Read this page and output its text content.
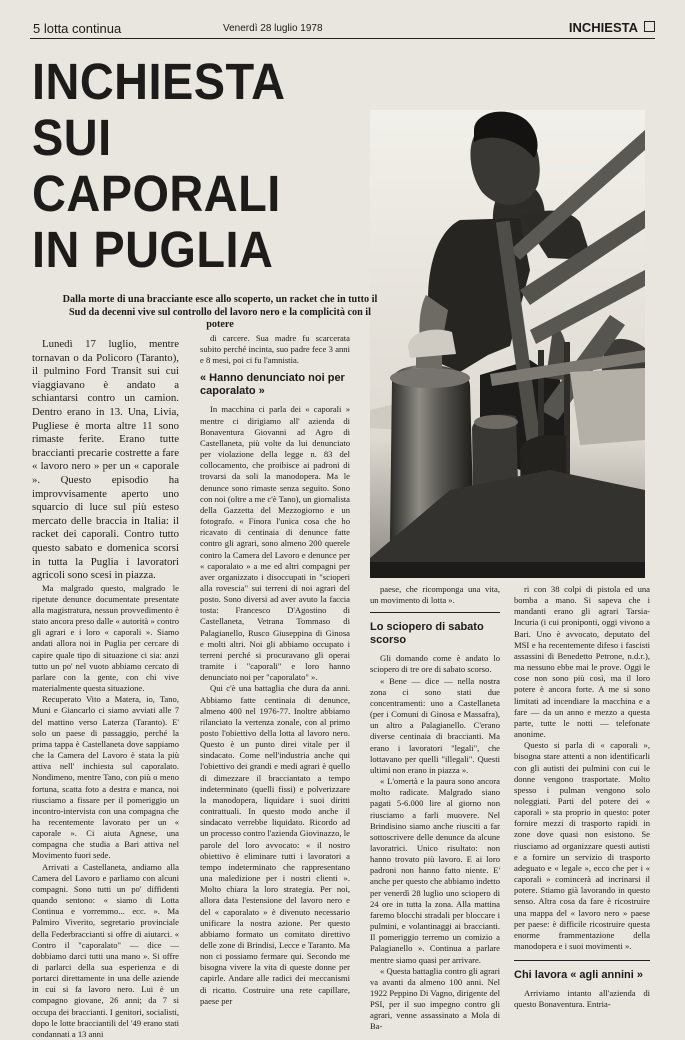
5 lotta continua	Venerdì 28 luglio 1978	INCHIESTA
INCHIESTA
SUI
CAPORALI
IN PUGLIA
Dalla morte di una bracciante esce allo scoperto, un racket che in tutto il Sud da decenni vive sul controllo del lavoro nero e la complicità con il potere

Lunedì 17 luglio, mentre tornavan o da Policoro (Taranto), il pulmino Ford Transit sui cui viaggiavano è andato a schiantarsi contro un camion. Dentro erano in 13. Una, Livia, Pugliese è morta altre 11 sono rimaste ferite. Erano tutte braccianti precarie costrette a fare « lavoro nero » per un « caporale ». Questo episodio ha improvvisamente aperto uno squarcio di luce sul più esteso mercato delle braccia in Italia: il racket dei caporali. Contro tutto questo sabato e domenica scorsi in tutta la Puglia i lavoratori agricoli sono scesi in piazza.

Ma malgrado questo, malgrado le ripetute denunce documentate presentate alla magistratura, nessun provvedimento è stato ancora preso dalle « autorità » contro gli agrari e i loro « caporali ». Siamo andati allora noi in Puglia per cercare di capire quale tipo di situazione ci sia: anzi tutto un po' nel vuoto abbiamo cercato di parlare con la gente, con chi vive materialmente questa situazione.

Recuperato Vito a Matera, io, Tano, Muni e Giancarlo ci siamo avviati alle 7 del mattino verso Laterza (Taranto). E' solo un paese di passaggio, perché la prima tappa è Castellaneta dove sappiamo che la Camera del Lavoro è stata la più attiva nell' inchiesta sul caporalato. Nondimeno, mentre Tano, con più o meno fortuna, scatta foto a destra e manca, noi riusciamo a fissare per il pomeriggio un incontro-intervista con una compagna che ha recentemente lavorato per un « caporale ». Ci aiuta Agnese, una compagna che studia a Bari attiva nel Movimento fuori sede.

Arrivati a Castellaneta, andiamo alla Camera del Lavoro e parliamo con alcuni compagni. Sono tutti un po' diffidenti quando sentono: « siamo di Lotta Continua e vorremmo... ecc. ». Ma Palmiro Viverito, segretario provinciale della Federbraccianti si offre di aiutarci. « Contro il "caporalato" — dice — dobbiamo darci tutti una mano ». Si offre di parlarci della sua esperienza e di portarci direttamente in una delle aziende in cui si fa lavoro nero. Lui è un compagno giovane, 26 anni; da 7 si occupa dei braccianti. I genitori, socialisti, dopo le lotte bracciantili del '49 erano stati condannati a 13 anni

di carcere. Sua madre fu scarcerata subito perché incinta, suo padre fece 3 anni e 8 mesi, poi ci fu l'amnistia.

« Hanno denunciato noi per caporalato »

In macchina ci parla dei « caporali » mentre ci dirigiamo all' azienda di Bonaventura Giovanni ad Agro di Castellaneta, più volte da lui denunciato per violazione della legge n. 83 del collocamento, che proibisce ai padroni di trovarsi da soli la manodopera. Ma le denunce sono rimaste senza seguito. Sono con noi (oltre a me c'è Tano), un giornalista della Gazzetta del Mezzogiorno e un fotografo. « Finora l'unica cosa che ho ricavato di centinaia di denunce fatte contro gli agrari, sono almeno 200 querele contro la Camera del Lavoro e denunce per « caporalato » a me ed altri compagni per aver organizzato i disoccupati in "scioperi alla rovescia" sui terreni di noi agrari del posto. Sono diversi ad aver avuto la faccia tosta: Francesco D'Agostino di Castellaneta, Vetrana Tommaso di Palagianello, Rusco Giuseppina di Ginosa e molti altri. Noi gli abbiamo occupato i terreni perché si procuravano gli operai tramite i "caporali" e loro hanno denunciato noi per "caporalato" ».

Qui c'è una battaglia che dura da anni. Abbiamo fatte centinaia di denunce, almeno 400 nel 1976-77. Inoltre abbiamo rilanciato la vertenza zonale, con al primo posto l'obiettivo della lotta al lavoro nero. Questo è un punto direi vitale per il sindacato. Come nell'industria anche qui l'obiettivo dei grandi e medi agrari è quello di dimezzare il bracciantato a tempo indeterminato (quelli fissi) e polverizzare la manodopera, liquidare i suoi diritti contrattuali. In questo modo anche il sindacato verrebbe liquidato. Ricordo ad un processo contro l'azienda Giovinazzo, le parole del loro avvocato: « il nostro obiettivo è eliminare tutti i lavoratori a tempo indeterminato che rappresentano una maledizione per i nostri clienti ». Molto chiara la loro strategia. Per noi, allora data l'estensione del lavoro nero e del « caporalato » è divenuto necessario unificare la nostra azione. Per questo abbiamo formato un comitato direttivo delle zone di Brindisi, Lecce e Taranto. Ma non ci possiamo fermare qui. Secondo me bisogna vivere la vita di queste donne per capirle. Andare alle radici dei meccanismi di ricatto. Costruire una rete capillare, paese per

paese, che ricomponga una vita, un movimento di lotta ».

Lo sciopero di sabato scorso

Gli domando come è andato lo sciopero di tre ore di sabato scorso.

« Bene — dice — nella nostra zona ci sono stati due concentramenti: uno a Castellaneta (per i Comuni di Ginosa e Massafra), un altro a Palagianello. C'erano diverse centinaia di braccianti. Ma erano i lavoratori "legali", che lottavano per quelli "illegali". Questi ultimi non erano in piazza ».

« L'omertà e la paura sono ancora molto radicate. Malgrado siano pagati 5-6.000 lire al giorno non riusciamo a farli muovere. Nel Brindisino siamo anche riusciti a far sottoscrivere delle denunce da alcune lavoratrici. Unico risultato: non hanno trovato più lavoro. E ai loro padroni non hanno fatto niente. E' anche per questo che abbiamo indetto per venerdì 28 luglio uno sciopero di 24 ore in tutta la zona. Alla mattina faremo blocchi stradali per bloccare i pulmini, e volantinaggi ai braccianti. Il pomeriggio terremo un comizio a Palagianello ». Continua a parlare mentre siamo quasi per arrivare.

« Questa battaglia contro gli agrari va avanti da almeno 100 anni. Nel 1922 Peppino Di Vagno, dirigente del PSI, per il suo impegno contro gli agrari, venne assassinato a Mola di Ba-

ri con 38 colpi di pistola ed una bomba a mano. Si sapeva che i mandanti erano gli agrari Tarsia-Incuria (i cui proniponti, oggi vivono a Bari. Uno è avvocato, deputato del MSI e ha recentemente difeso i fascisti assassini di Benedetto Petrone, n.d.r.), ma nessuno ebbe mai le prove. Oggi le cose non sono più così, ma il loro potere è ancora forte. A me si sono limitati ad incendiare la macchina e a fare — da un anno e mezzo a questa parte, tutte le notti — telefonate anonime.

Questo si parla di « caporali », bisogna stare attenti a non identificarli con gli autisti dei pulmini con cui le donne vengono trasportate. Molto spesso i pulman vengono solo noleggiati. Parti del potere dei « caporali » sta proprio in questo: poter fornire mezzi di trasporto rapidi in zone dove quasi non esistono. Se riusciamo ad organizzare questi autisti e a fornire un servizio di trasporto adeguato e « legale », ecco che per i « caporali » comincerà ad incrinarsi il potere. Stiamo già lavorando in questo senso. Altra cosa da fare è ricostruire una mappa del « lavoro nero » paese per paese: è difficile ricostruire questa enorme frammentazione della manodopera e i suoi movimenti ».

Chi lavora « agli annini »

Arriviamo intanto all'azienda di questo Bonaventura. Entria-
